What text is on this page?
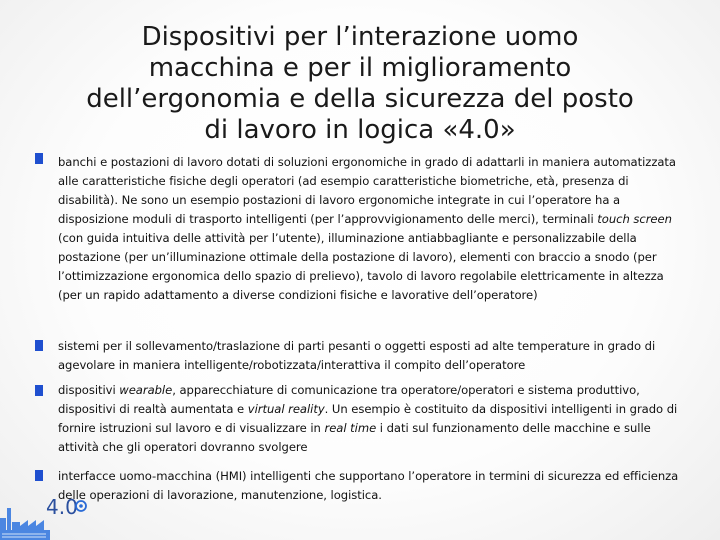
Dispositivi per l’interazione uomo
macchina e per il miglioramento
dell’ergonomia e della sicurezza del posto
di lavoro in logica «4.0»

banchi e postazioni di lavoro dotati di soluzioni ergonomiche in grado di adattarli in maniera automatizzata alle caratteristiche fisiche degli operatori (ad esempio caratteristiche biometriche, età, presenza di disabilità). Ne sono un esempio postazioni di lavoro ergonomiche integrate in cui l’operatore ha a disposizione moduli di trasporto intelligenti (per l’approvvigionamento delle merci), terminali touch screen (con guida intuitiva delle attività per l’utente), illuminazione antiabbagliante e personalizzabile della postazione (per un’illuminazione ottimale della postazione di lavoro), elementi con braccio a snodo (per l’ottimizzazione ergonomica dello spazio di prelievo), tavolo di lavoro regolabile elettricamente in altezza (per un rapido adattamento a diverse condizioni fisiche e lavorative dell’operatore)

sistemi per il sollevamento/traslazione di parti pesanti o oggetti esposti ad alte temperature in grado di agevolare in maniera intelligente/robotizzata/interattiva il compito dell’operatore

dispositivi wearable, apparecchiature di comunicazione tra operatore/operatori e sistema produttivo, dispositivi di realtà aumentata e virtual reality. Un esempio è costituito da dispositivi intelligenti in grado di fornire istruzioni sul lavoro e di visualizzare in real time i dati sul funzionamento delle macchine e sulle attività che gli operatori dovranno svolgere

interfacce uomo-macchina (HMI) intelligenti che supportano l’operatore in termini di sicurezza ed efficienza delle operazioni di lavorazione, manutenzione, logistica.

4.0
